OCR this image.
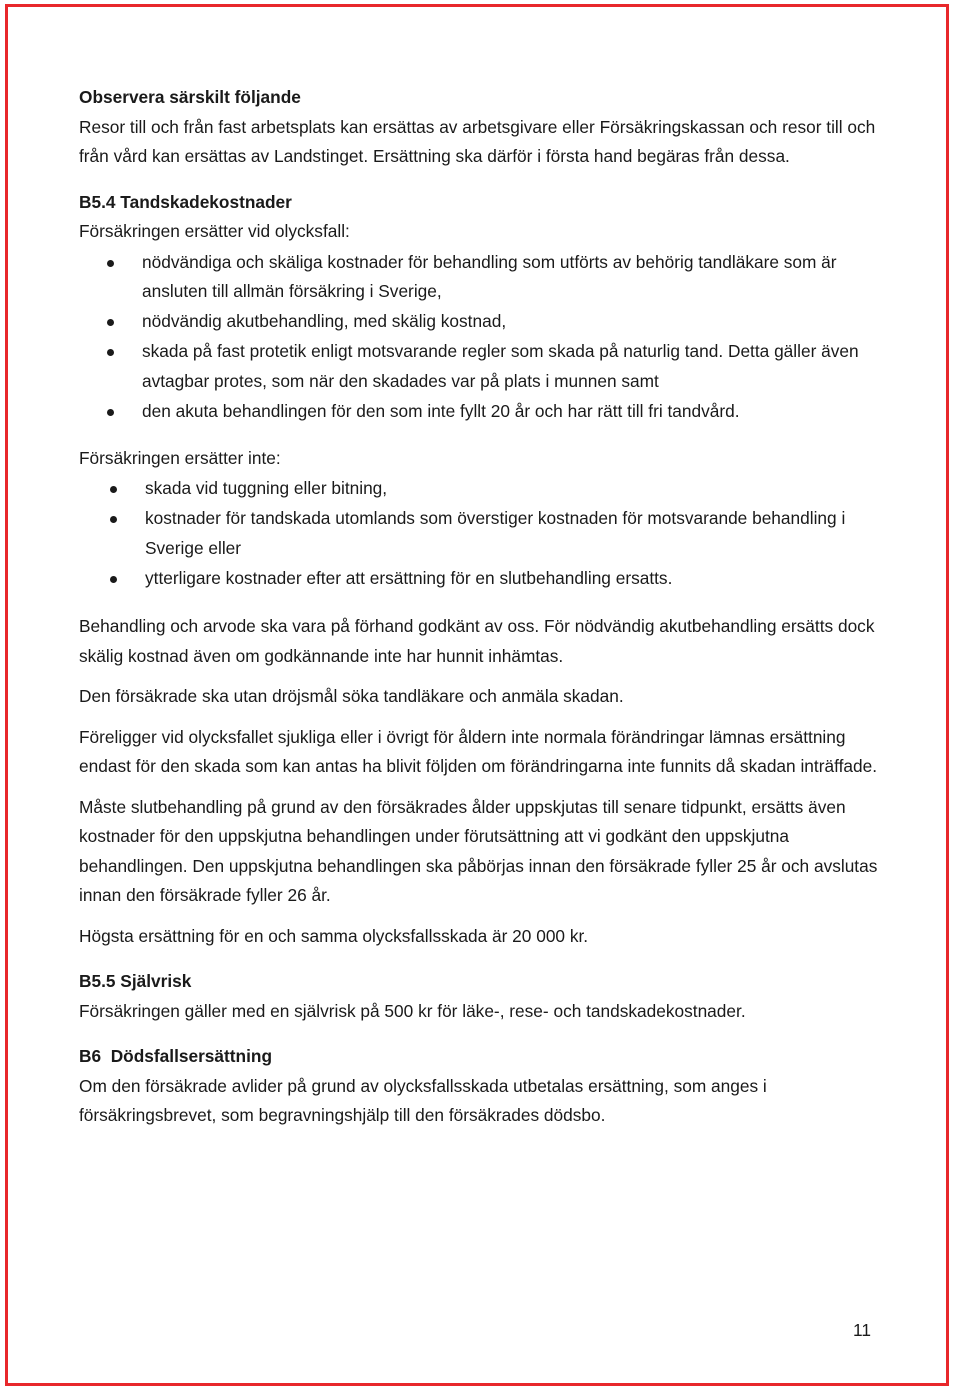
Observera särskilt följande

Resor till och från fast arbetsplats kan ersättas av arbetsgivare eller Försäkringskassan och resor till och från vård kan ersättas av Landstinget. Ersättning ska därför i första hand begäras från dessa.

B5.4 Tandskadekostnader

Försäkringen ersätter vid olycksfall:

nödvändiga och skäliga kostnader för behandling som utförts av behörig tandläkare som är ansluten till allmän försäkring i Sverige,
nödvändig akutbehandling, med skälig kostnad,
skada på fast protetik enligt motsvarande regler som skada på naturlig tand. Detta gäller även avtagbar protes, som när den skadades var på plats i munnen samt
den akuta behandlingen för den som inte fyllt 20 år och har rätt till fri tandvård.

Försäkringen ersätter inte:

skada vid tuggning eller bitning,
kostnader för tandskada utomlands som överstiger kostnaden för motsvarande behandling i Sverige eller
ytterligare kostnader efter att ersättning för en slutbehandling ersatts.

Behandling och arvode ska vara på förhand godkänt av oss. För nödvändig akutbehandling ersätts dock skälig kostnad även om godkännande inte har hunnit inhämtas.

Den försäkrade ska utan dröjsmål söka tandläkare och anmäla skadan.

Föreligger vid olycksfallet sjukliga eller i övrigt för åldern inte normala förändringar lämnas ersättning endast för den skada som kan antas ha blivit följden om förändringarna inte funnits då skadan inträffade.

Måste slutbehandling på grund av den försäkrades ålder uppskjutas till senare tidpunkt, ersätts även kostnader för den uppskjutna behandlingen under förutsättning att vi godkänt den uppskjutna behandlingen. Den uppskjutna behandlingen ska påbörjas innan den försäkrade fyller 25 år och avslutas innan den försäkrade fyller 26 år.

Högsta ersättning för en och samma olycksfallsskada är 20 000 kr.

B5.5 Självrisk

Försäkringen gäller med en självrisk på 500 kr för läke-, rese- och tandskadekostnader.

B6  Dödsfallsersättning

Om den försäkrade avlider på grund av olycksfallsskada utbetalas ersättning, som anges i försäkringsbrevet, som begravningshjälp till den försäkrades dödsbo.

11
